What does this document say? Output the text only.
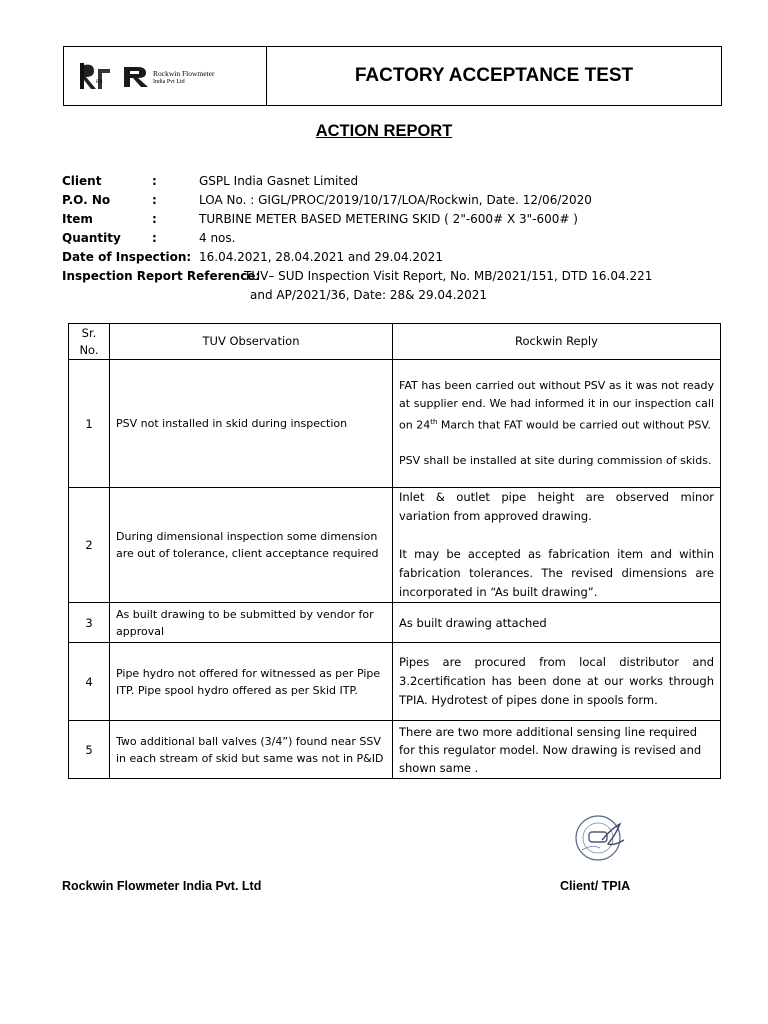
RR
Rockwin Flowmeter
India Pvt Ltd	FACTORY ACCEPTANCE TEST
ACTION REPORT
Client	:	GSPL India Gasnet Limited
P.O. No	:	LOA No. : GIGL/PROC/2019/10/17/LOA/Rockwin, Date. 12/06/2020
Item	:	TURBINE METER BASED METERING SKID ( 2"-600# X 3"-600# )
Quantity	:	4 nos.
Date of Inspection: 16.04.2021, 28.04.2021 and 29.04.2021
Inspection Report Reference:
TUV– SUD Inspection Visit Report, No. MB/2021/151, DTD 16.04.221
and AP/2021/36, Date: 28& 29.04.2021
Sr. No.	TUV Observation	Rockwin Reply
1	PSV not installed in skid during inspection	FAT has been carried out without PSV as it was not ready at supplier end. We had informed it in our inspection call on 24th March that FAT would be carried out without PSV.
PSV shall be installed at site during commission of skids.

2	During dimensional inspection some dimension are out of tolerance, client acceptance required	Inlet & outlet pipe height are observed minor variation from approved drawing.
It may be accepted as fabrication item and within fabrication tolerances. The revised dimensions are incorporated in “As built drawing”.

3	As built drawing to be submitted by vendor for approval	As built drawing attached
4	Pipe hydro not offered for witnessed as per Pipe ITP. Pipe spool hydro offered as per Skid ITP.	Pipes are procured from local distributor and 3.2certification has been done at our works through TPIA. Hydrotest of pipes done in spools form.
5	Two additional ball valves (3/4”) found near SSV in each stream of skid but same was not in P&ID	There are two more additional sensing line required for this regulator model. Now drawing is revised and shown same .
Rockwin Flowmeter India Pvt. Ltd	Client/ TPIA
